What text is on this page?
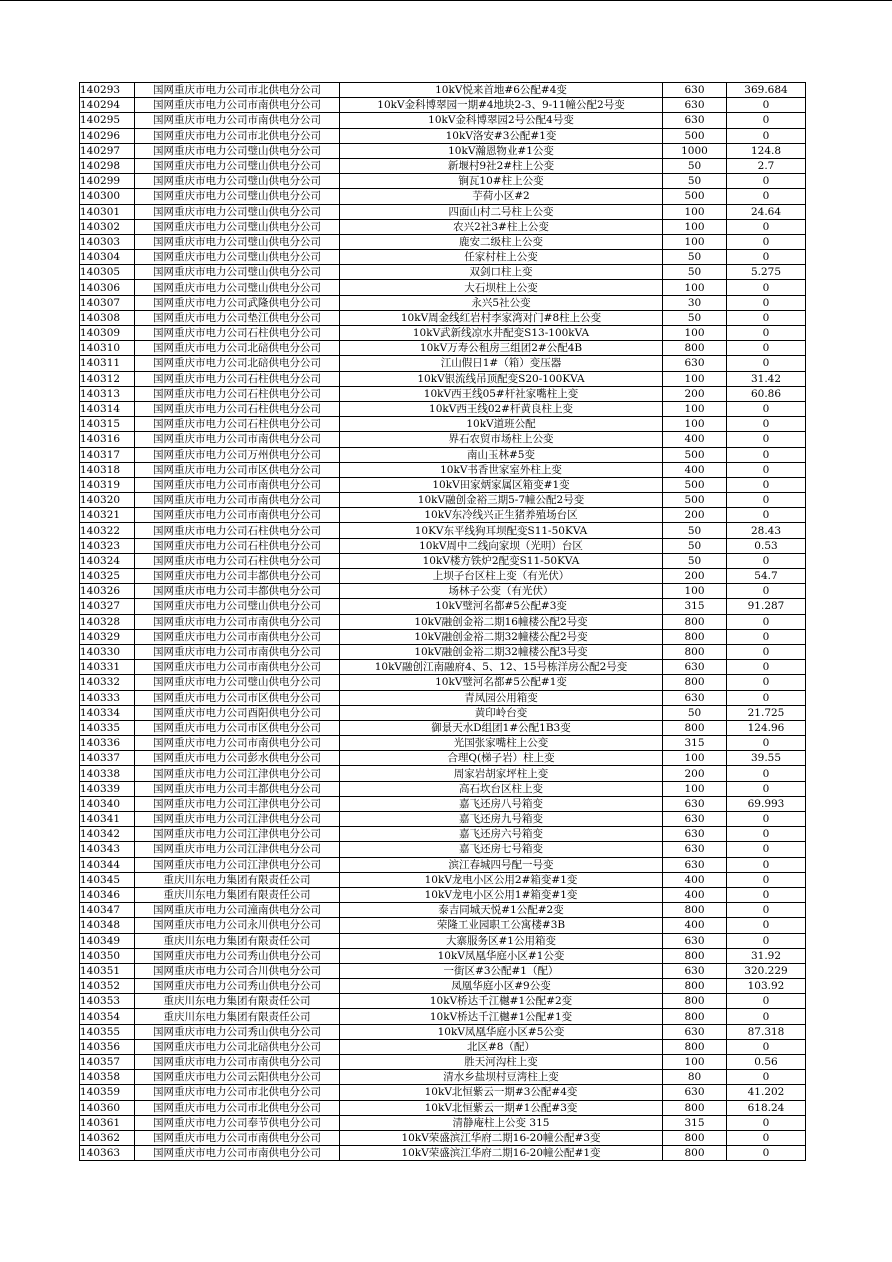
140293	国网重庆市电力公司市北供电分公司	10kV悦来首地#6公配#4变	630	369.684
140294	国网重庆市电力公司市南供电分公司	10kV金科博翠园一期#4地块2-3、9-11幢公配2号变	630	0
140295	国网重庆市电力公司市南供电分公司	10kV金科博翠园2号公配4号变	630	0
140296	国网重庆市电力公司市北供电分公司	10kV洛安#3公配#1变	500	0
140297	国网重庆市电力公司璧山供电分公司	10kV瀚恩物业#1公变	1000	124.8
140298	国网重庆市电力公司璧山供电分公司	新堰村9社2#柱上公变	50	2.7
140299	国网重庆市电力公司璧山供电分公司	锏瓦10#柱上公变	50	0
140300	国网重庆市电力公司璧山供电分公司	芋荷小区#2	500	0
140301	国网重庆市电力公司璧山供电分公司	四面山村二号柱上公变	100	24.64
140302	国网重庆市电力公司璧山供电分公司	农兴2社3#柱上公变	100	0
140303	国网重庆市电力公司璧山供电分公司	鹿安二级柱上公变	100	0
140304	国网重庆市电力公司璧山供电分公司	任家村柱上公变	50	0
140305	国网重庆市电力公司璧山供电分公司	双剑口柱上变	50	5.275
140306	国网重庆市电力公司璧山供电分公司	大石坝柱上公变	100	0
140307	国网重庆市电力公司武隆供电分公司	永兴5社公变	30	0
140308	国网重庆市电力公司垫江供电分公司	10kV周金线红岩村李家湾对门#8柱上公变	50	0
140309	国网重庆市电力公司石柱供电分公司	10kV武新线凉水井配变S13-100kVA	100	0
140310	国网重庆市电力公司北碚供电分公司	10kV万寿公租房三组团2#公配4B	800	0
140311	国网重庆市电力公司北碚供电分公司	江山假日1#（箱）变压器	630	0
140312	国网重庆市电力公司石柱供电分公司	10kV银流线吊顶配变S20-100KVA	100	31.42
140313	国网重庆市电力公司石柱供电分公司	10kV西王线05#杆社家嘴柱上变	200	60.86
140314	国网重庆市电力公司石柱供电分公司	10kV西王线02#杆黄良柱上变	100	0
140315	国网重庆市电力公司石柱供电分公司	10kV道班公配	100	0
140316	国网重庆市电力公司市南供电分公司	界石农贸市场柱上公变	400	0
140317	国网重庆市电力公司万州供电分公司	南山玉林#5变	500	0
140318	国网重庆市电力公司市区供电分公司	10kV书香世家室外柱上变	400	0
140319	国网重庆市电力公司市南供电分公司	10kV田家炳家属区箱变#1变	500	0
140320	国网重庆市电力公司市南供电分公司	10kV融创金裕三期5-7幢公配2号变	500	0
140321	国网重庆市电力公司市南供电分公司	10kV东冷线兴正生猪养殖场台区	200	0
140322	国网重庆市电力公司石柱供电分公司	10KV东平线狗耳坝配变S11-50KVA	50	28.43
140323	国网重庆市电力公司石柱供电分公司	10kV周中二线向家坝（光明）台区	50	0.53
140324	国网重庆市电力公司石柱供电分公司	10kV楼方铁炉2配变S11-50KVA	50	0
140325	国网重庆市电力公司丰都供电分公司	上坝子台区柱上变（有光伏）	200	54.7
140326	国网重庆市电力公司丰都供电分公司	场林子公变（有光伏）	100	0
140327	国网重庆市电力公司璧山供电分公司	10kV璧河名都#5公配#3变	315	91.287
140328	国网重庆市电力公司市南供电分公司	10kV融创金裕二期16幢楼公配2号变	800	0
140329	国网重庆市电力公司市南供电分公司	10kV融创金裕二期32幢楼公配2号变	800	0
140330	国网重庆市电力公司市南供电分公司	10kV融创金裕二期32幢楼公配3号变	800	0
140331	国网重庆市电力公司市南供电分公司	10kV融创江南融府4、5、12、15号栋洋房公配2号变	630	0
140332	国网重庆市电力公司璧山供电分公司	10kV璧河名都#5公配#1变	800	0
140333	国网重庆市电力公司市区供电分公司	青凤园公用箱变	630	0
140334	国网重庆市电力公司酉阳供电分公司	黄印岭台变	50	21.725
140335	国网重庆市电力公司市区供电分公司	御景天水D组团1#公配1B3变	800	124.96
140336	国网重庆市电力公司市南供电分公司	光国张家嘴柱上公变	315	0
140337	国网重庆市电力公司彭水供电分公司	合理Q(梯子岩）柱上变	100	39.55
140338	国网重庆市电力公司江津供电分公司	周家岩胡家坪柱上变	200	0
140339	国网重庆市电力公司丰都供电分公司	高石坎台区柱上变	100	0
140340	国网重庆市电力公司江津供电分公司	嘉飞还房八号箱变	630	69.993
140341	国网重庆市电力公司江津供电分公司	嘉飞还房九号箱变	630	0
140342	国网重庆市电力公司江津供电分公司	嘉飞还房六号箱变	630	0
140343	国网重庆市电力公司江津供电分公司	嘉飞还房七号箱变	630	0
140344	国网重庆市电力公司江津供电分公司	滨江春城四号配一号变	630	0
140345	重庆川东电力集团有限责任公司	10kV龙电小区公用2#箱变#1变	400	0
140346	重庆川东电力集团有限责任公司	10kV龙电小区公用1#箱变#1变	400	0
140347	国网重庆市电力公司潼南供电分公司	泰吉同城天悦#1公配#2变	800	0
140348	国网重庆市电力公司永川供电分公司	荣隆工业园职工公寓楼#3B	400	0
140349	重庆川东电力集团有限责任公司	大寨服务区#1公用箱变	630	0
140350	国网重庆市电力公司秀山供电分公司	10kV凤凰华庭小区#1公变	800	31.92
140351	国网重庆市电力公司合川供电分公司	一街区#3公配#1（配）	630	320.229
140352	国网重庆市电力公司秀山供电分公司	凤凰华庭小区#9公变	800	103.92
140353	重庆川东电力集团有限责任公司	10kV桥达千江樾#1公配#2变	800	0
140354	重庆川东电力集团有限责任公司	10kV桥达千江樾#1公配#1变	800	0
140355	国网重庆市电力公司秀山供电分公司	10kV凤凰华庭小区#5公变	630	87.318
140356	国网重庆市电力公司北碚供电分公司	北区#8（配）	800	0
140357	国网重庆市电力公司市南供电分公司	胜天河沟柱上变	100	0.56
140358	国网重庆市电力公司云阳供电分公司	清水乡盐坝村豆湾柱上变	80	0
140359	国网重庆市电力公司市北供电分公司	10kV北恒紫云一期#3公配#4变	630	41.202
140360	国网重庆市电力公司市北供电分公司	10kV北恒紫云一期#1公配#3变	800	618.24
140361	国网重庆市电力公司奉节供电分公司	清静庵柱上公变 315	315	0
140362	国网重庆市电力公司市南供电分公司	10kV荣盛滨江华府二期16-20幢公配#3变	800	0
140363	国网重庆市电力公司市南供电分公司	10kV荣盛滨江华府二期16-20幢公配#1变	800	0
